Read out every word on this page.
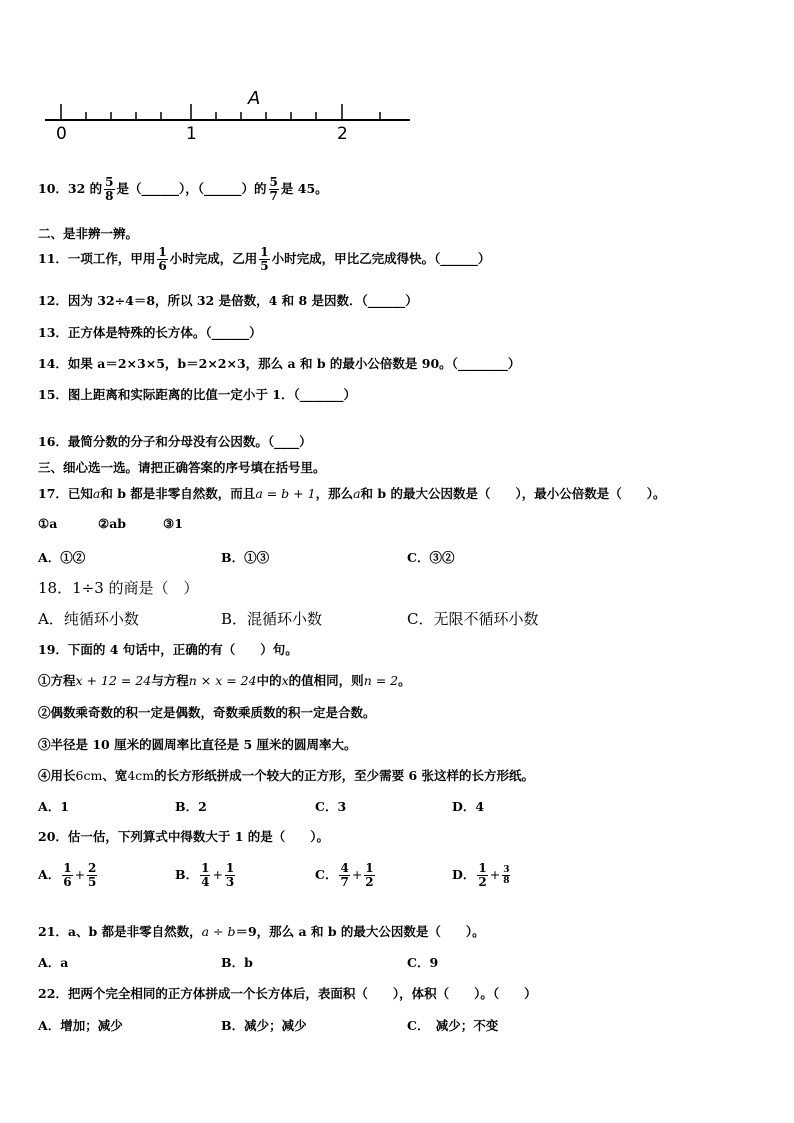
0	1	2
A
10．32 的 $\frac{5}{8}$ 是（______），（______）的 $\frac{5}{7}$ 是 45。
二、是非辨一辨。
11．一项工作，甲用 $\frac{1}{6}$ 小时完成，乙用 $\frac{1}{5}$ 小时完成，甲比乙完成得快。（______）
12．因为 32÷4＝8，所以 32 是倍数，4 和 8 是因数．（______）
13．正方体是特殊的长方体。（______）
14．如果 a＝2×3×5，b＝2×2×3，那么 a 和 b 的最小公倍数是 90。（________）
15．图上距离和实际距离的比值一定小于 1．（_______）
16．最简分数的分子和分母没有公因数。（____）
三、细心选一选。请把正确答案的序号填在括号里。
17．已知a和 b 都是非零自然数，而且a = b + 1，那么a和 b 的最大公因数是（　　），最小公倍数是（　　）。
①a	②ab	③1
A．①②	B．①③	C．③②
18．1÷3 的商是（　）
A．纯循环小数	B．混循环小数	C．无限不循环小数
19．下面的 4 句话中，正确的有（　　）句。
①方程x + 12 = 24与方程n × x = 24中的x的值相同，则n = 2。
②偶数乘奇数的积一定是偶数，奇数乘质数的积一定是合数。
③半径是 10 厘米的圆周率比直径是 5 厘米的圆周率大。
④用长6cm、宽4cm的长方形纸拼成一个较大的正方形，至少需要 6 张这样的长方形纸。
A．1	B．2	C．3	D．4
20．估一估，下列算式中得数大于 1 的是（　　）。
A． $\frac{1}{6} + \frac{2}{5}$	B． $\frac{1}{4} + \frac{1}{3}$	C． $\frac{4}{7} + \frac{1}{2}$	D． $\frac{1}{2} + \frac{3}{8}$
21．a、b 都是非零自然数，a ÷ b＝9，那么 a 和 b 的最大公因数是（　　）。
A．a	B．b	C．9
22．把两个完全相同的正方体拼成一个长方体后，表面积（　　），体积（　　）。（　　）
A．增加；减少	B．减少；减少	C．　减少；不变
